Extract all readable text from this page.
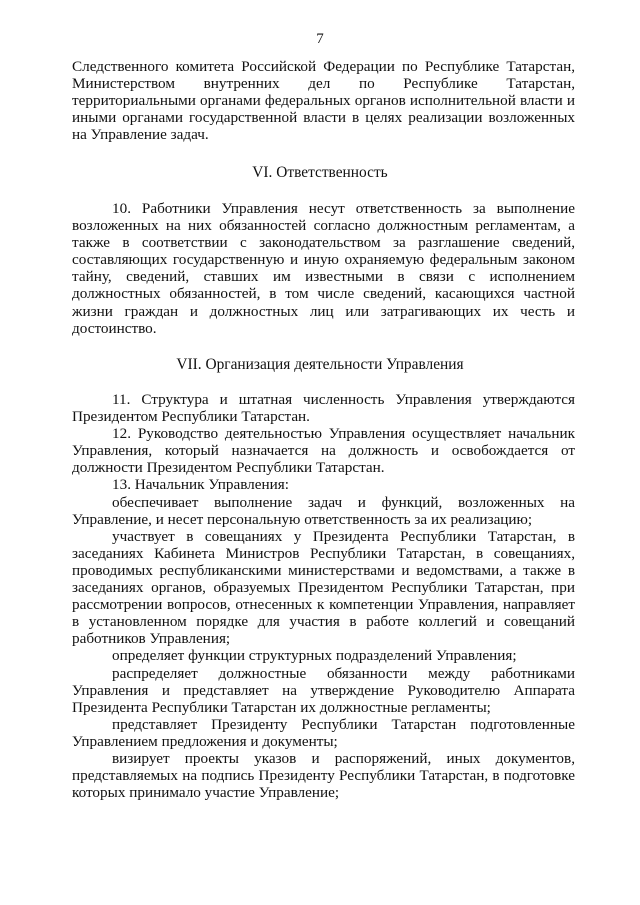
7

Следственного комитета Российской Федерации по Республике Татарстан, Министерством внутренних дел по Республике Татарстан, территориальными органами федеральных органов исполнительной власти и иными органами государственной власти в целях реализации возложенных на Управление задач.

VI. Ответственность

10. Работники Управления несут ответственность за выполнение возложенных на них обязанностей согласно должностным регламентам, а также в соответствии с законодательством за разглашение сведений, составляющих государственную и иную охраняемую федеральным законом тайну, сведений, ставших им известными в связи с исполнением должностных обязанностей, в том числе сведений, касающихся частной жизни граждан и должностных лиц или затрагивающих их честь и достоинство.

VII. Организация деятельности Управления

11. Структура и штатная численность Управления утверждаются Президентом Республики Татарстан.

12. Руководство деятельностью Управления осуществляет начальник Управления, который назначается на должность и освобождается от должности Президентом Республики Татарстан.

13. Начальник Управления:

обеспечивает выполнение задач и функций, возложенных на Управление, и несет персональную ответственность за их реализацию;

участвует в совещаниях у Президента Республики Татарстан, в заседаниях Кабинета Министров Республики Татарстан, в совещаниях, проводимых республиканскими министерствами и ведомствами, а также в заседаниях органов, образуемых Президентом Республики Татарстан, при рассмотрении вопросов, отнесенных к компетенции Управления, направляет в установленном порядке для участия в работе коллегий и совещаний работников Управления;

определяет функции структурных подразделений Управления;

распределяет должностные обязанности между работниками Управления и представляет на утверждение Руководителю Аппарата Президента Республики Татарстан их должностные регламенты;

представляет Президенту Республики Татарстан подготовленные Управлением предложения и документы;

визирует проекты указов и распоряжений, иных документов, представляемых на подпись Президенту Республики Татарстан, в подготовке которых принимало участие Управление;
